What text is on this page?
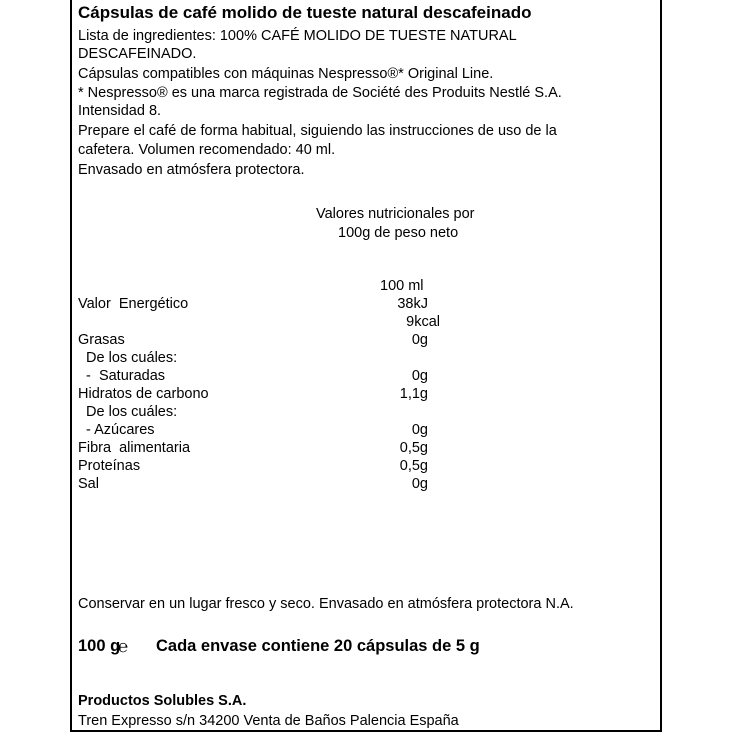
Cápsulas de café molido de tueste natural descafeinado
Lista de ingredientes: 100% CAFÉ MOLIDO DE TUESTE NATURAL
DESCAFEINADO.
Cápsulas compatibles con máquinas Nespresso®* Original Line.
* Nespresso® es una marca registrada de Société des Produits Nestlé S.A.
Intensidad 8.
Prepare el café de forma habitual, siguiendo las instrucciones de uso de la
cafetera. Volumen recomendado: 40 ml.
Envasado en atmósfera protectora.
Valores nutricionales por
100g de peso neto
100 ml
Valor  Energético	38kJ
9kcal
Grasas	0g
De los cuáles:
-  Saturadas	0g
Hidratos de carbono	1,1g
De los cuáles:
- Azúcares	0g
Fibra  alimentaria	0,5g
Proteínas	0,5g
Sal	0g
Conservar en un lugar fresco y seco. Envasado en atmósfera protectora N.A.
100 g
℮ Cada envase contiene 20 cápsulas de 5 g
Productos Solubles S.A.
Tren Expresso s/n 34200 Venta de Baños Palencia España
